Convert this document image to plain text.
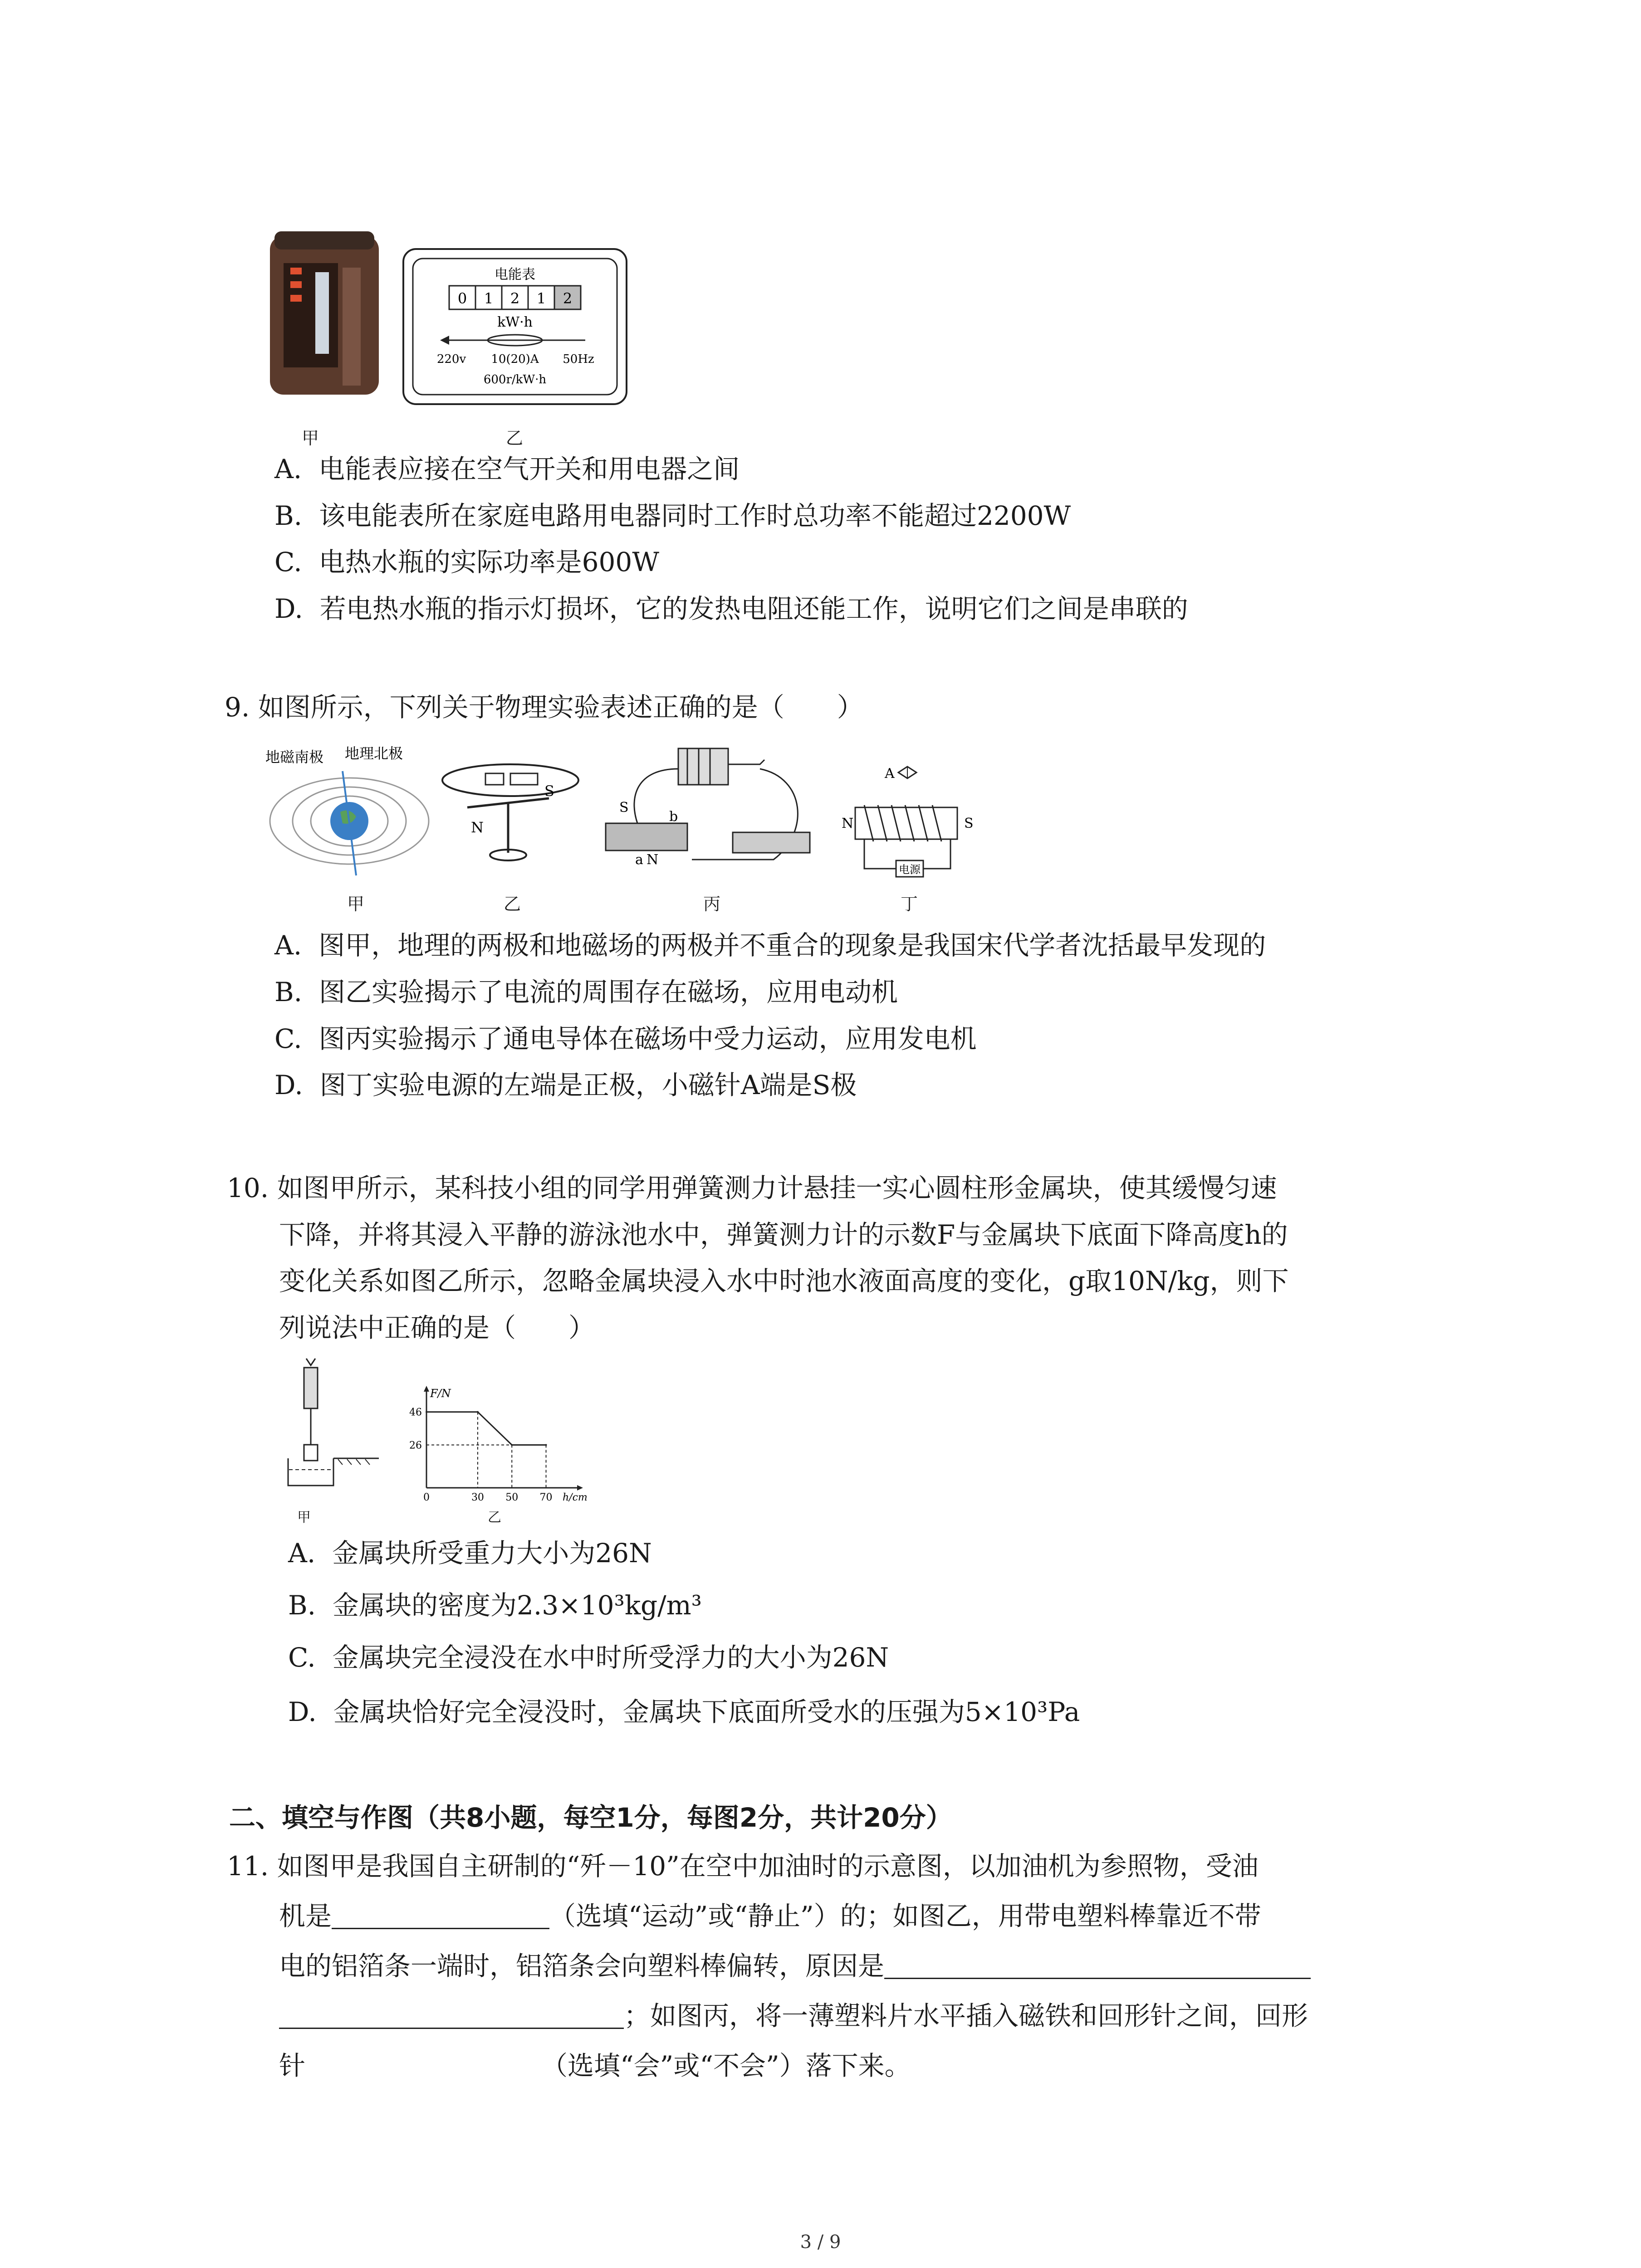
甲
电能表
0 1 2 1 2
kW·h
220v 10(20)A 50Hz
600r/kW·h
乙
A. 电能表应接在空气开关和用电器之间
B. 该电能表所在家庭电路用电器同时工作时总功率不能超过2200W
C. 电热水瓶的实际功率是600W
D. 若电热水瓶的指示灯损坏，它的发热电阻还能工作，说明它们之间是串联的
9. 如图所示，下列关于物理实验表述正确的是（　　）
地磁南极 地理北极
甲
N
S
乙
S
b
a N
丙
A
N	S
电源
丁
A. 图甲，地理的两极和地磁场的两极并不重合的现象是我国宋代学者沈括最早发现的
B. 图乙实验揭示了电流的周围存在磁场，应用电动机
C. 图丙实验揭示了通电导体在磁场中受力运动，应用发电机
D. 图丁实验电源的左端是正极，小磁针A端是S极
10. 如图甲所示，某科技小组的同学用弹簧测力计悬挂一实心圆柱形金属块，使其缓慢匀速
下降，并将其浸入平静的游泳池水中，弹簧测力计的示数F与金属块下底面下降高度h的
变化关系如图乙所示，忽略金属块浸入水中时池水液面高度的变化，g取10N/kg，则下
列说法中正确的是（　　）
甲
F/N
h/cm
46
26
0	30 50 70
乙
A. 金属块所受重力大小为26N
B. 金属块的密度为2.3×10³kg/m³
C. 金属块完全浸没在水中时所受浮力的大小为26N
D. 金属块恰好完全浸没时，金属块下底面所受水的压强为5×10³Pa
二、填空与作图（共8小题，每空1分，每图2分，共计20分）
11. 如图甲是我国自主研制的“歼－10”在空中加油时的示意图，以加油机为参照物，受油
机是	（选填“运动”或“静止”）的；如图乙，用带电塑料棒靠近不带
电的铝箔条一端时，铝箔条会向塑料棒偏转，原因是
；如图丙，将一薄塑料片水平插入磁铁和回形针之间，回形
针	（选填“会”或“不会”）落下来。
3 / 9
